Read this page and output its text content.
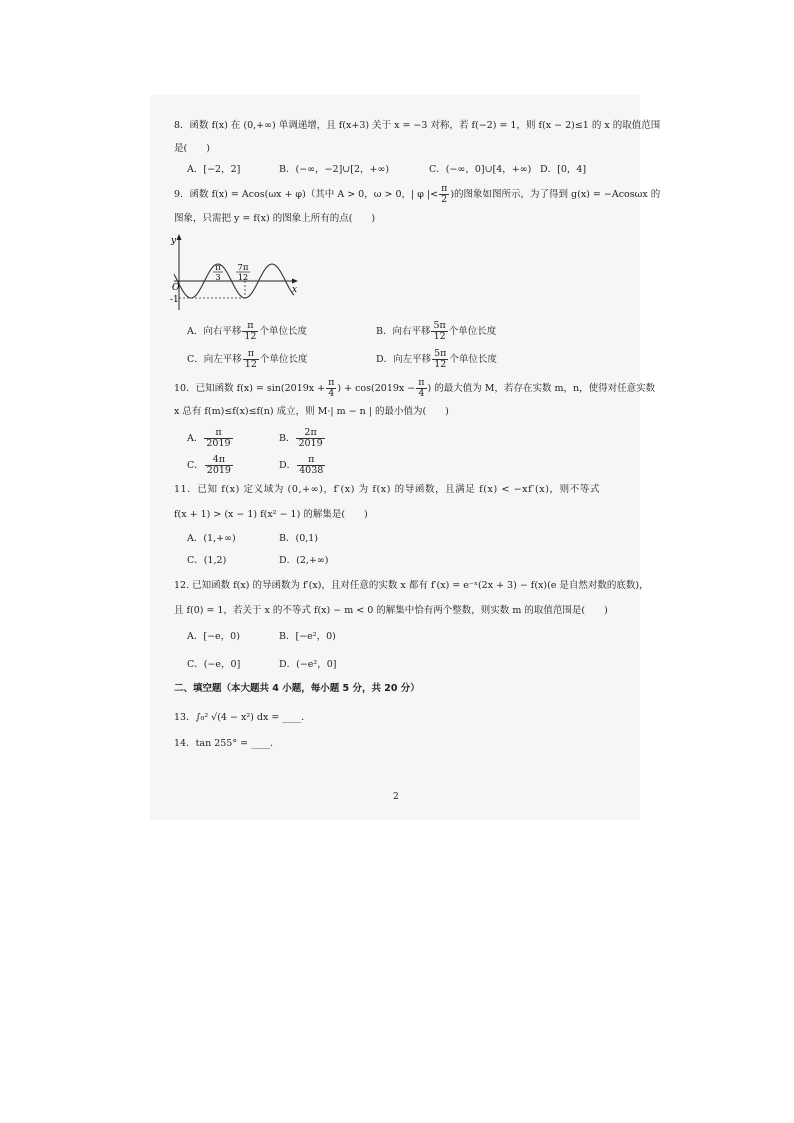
8．函数 f(x) 在 (0,+∞) 单调递增，且 f(x+3) 关于 x = −3 对称，若 f(−2) = 1，则 f(x − 2)≤1 的 x 的取值范围
是(　　)
A．[−2，2]	B．(−∞，−2]∪[2，+∞)	C．(−∞，0]∪[4，+∞) D．[0，4]
9．函数 f(x) = Acos(ωx + φ)（其中 A > 0，ω > 0，| φ |< $\frac{\pi}{2}$ )的图象如图所示，为了得到 g(x) = −Acosωx 的
图象，只需把 y = f(x) 的图象上所有的点(　　)
y
x
O
-1
π
3
7π
12
A．向右平移 $\frac{\pi}{12}$ 个单位长度	B．向右平移 $\frac{5\pi}{12}$ 个单位长度
C．向左平移 $\frac{\pi}{12}$ 个单位长度	D．向左平移 $\frac{5\pi}{12}$ 个单位长度
10．已知函数 $f(x) = \sin(2019x + \frac{\pi}{4}$ ) + $\cos(2019x - \frac{\pi}{4}$ ) 的最大值为 M，若存在实数 m，n，使得对任意实数
x 总有 f(m)≤f(x)≤f(n) 成立，则 M·| m − n | 的最小值为(　　)
A． $\frac{\pi}{2019}$	B． $\frac{2\pi}{2019}$
C． $\frac{4\pi}{2019}$	D． $\frac{\pi}{4038}$
11．已知 f(x) 定义域为 (0,+∞)，f′(x) 为 f(x) 的导函数，且满足 f(x) < −xf′(x)，则不等式
f(x + 1) > (x − 1) f(x² − 1) 的解集是(　　)
A．(1,+∞)	B．(0,1)
C．(1,2)	D．(2,+∞)
12. 已知函数 f(x) 的导函数为 f′(x)，且对任意的实数 x 都有 f′(x) = e⁻ˣ(2x + 3) − f(x)(e 是自然对数的底数)，
且 f(0) = 1，若关于 x 的不等式 f(x) − m < 0 的解集中恰有两个整数，则实数 m 的取值范围是(　　)
A．[−e，0)	B．[−e²，0)
C．(−e，0]	D．(−e²，0]
二、填空题（本大题共 4 小题，每小题 5 分，共 20 分）
13．∫₀² √(4 − x²) dx = ____．
14．tan 255° = ____．
2
